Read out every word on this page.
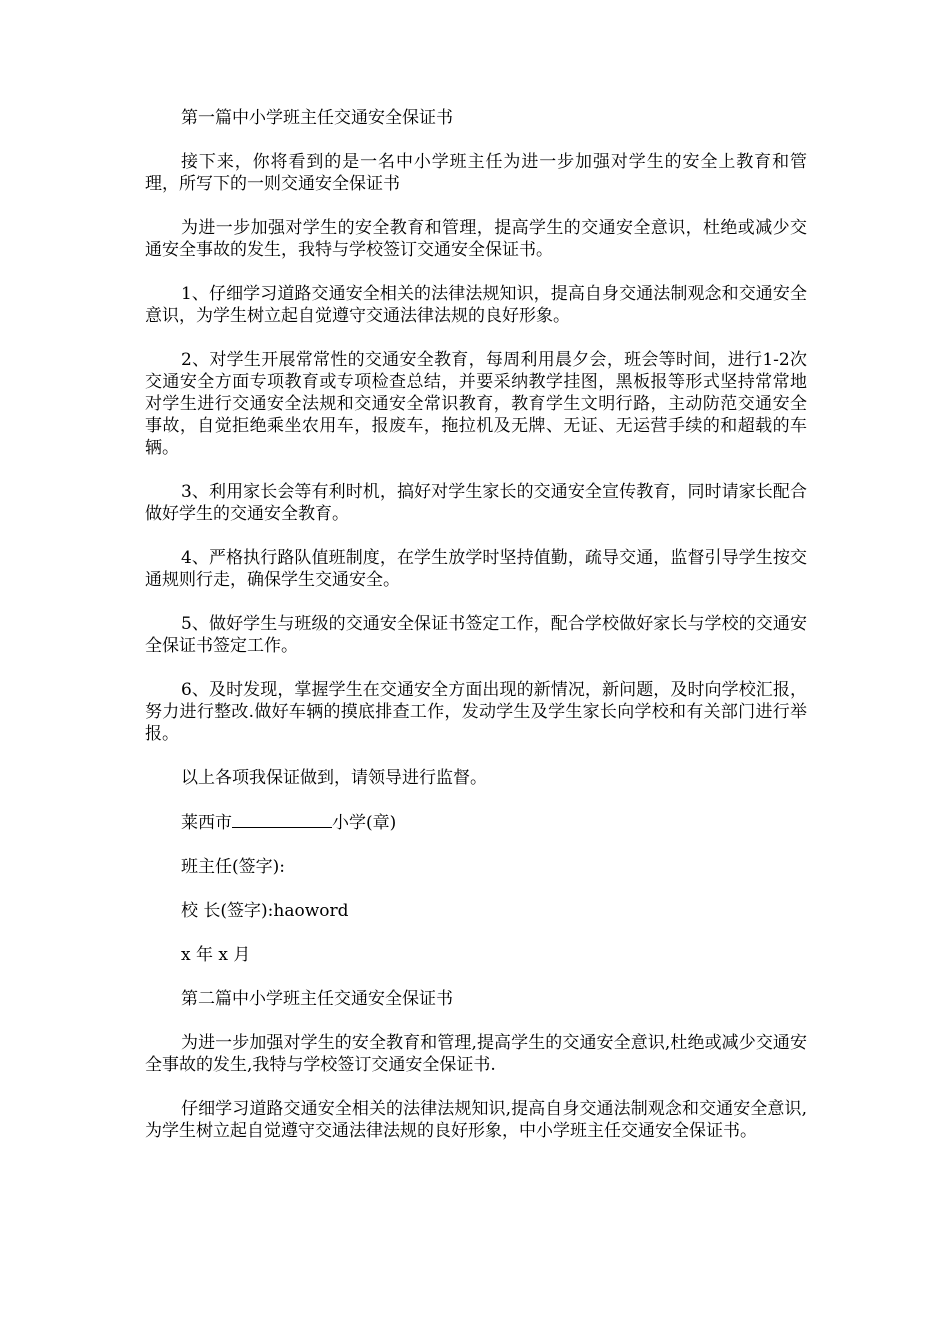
第一篇中小学班主任交通安全保证书

接下来，你将看到的是一名中小学班主任为进一步加强对学生的安全上教育和管理，所写下的一则交通安全保证书

为进一步加强对学生的安全教育和管理，提高学生的交通安全意识，杜绝或减少交通安全事故的发生，我特与学校签订交通安全保证书。

1、仔细学习道路交通安全相关的法律法规知识，提高自身交通法制观念和交通安全意识，为学生树立起自觉遵守交通法律法规的良好形象。

2、对学生开展常常性的交通安全教育，每周利用晨夕会，班会等时间，进行1-2次交通安全方面专项教育或专项检查总结，并要采纳教学挂图，黑板报等形式坚持常常地对学生进行交通安全法规和交通安全常识教育，教育学生文明行路，主动防范交通安全事故，自觉拒绝乘坐农用车，报废车，拖拉机及无牌、无证、无运营手续的和超载的车辆。

3、利用家长会等有利时机，搞好对学生家长的交通安全宣传教育，同时请家长配合做好学生的交通安全教育。

4、严格执行路队值班制度，在学生放学时坚持值勤，疏导交通，监督引导学生按交通规则行走，确保学生交通安全。

5、做好学生与班级的交通安全保证书签定工作，配合学校做好家长与学校的交通安全保证书签定工作。

6、及时发现，掌握学生在交通安全方面出现的新情况，新问题，及时向学校汇报，努力进行整改.做好车辆的摸底排查工作，发动学生及学生家长向学校和有关部门进行举报。

以上各项我保证做到，请领导进行监督。

莱西市	小学(章)

班主任(签字):

校 长(签字):haoword

x 年 x 月

第二篇中小学班主任交通安全保证书

为进一步加强对学生的安全教育和管理,提高学生的交通安全意识,杜绝或减少交通安全事故的发生,我特与学校签订交通安全保证书.

仔细学习道路交通安全相关的法律法规知识,提高自身交通法制观念和交通安全意识,为学生树立起自觉遵守交通法律法规的良好形象，中小学班主任交通安全保证书。
